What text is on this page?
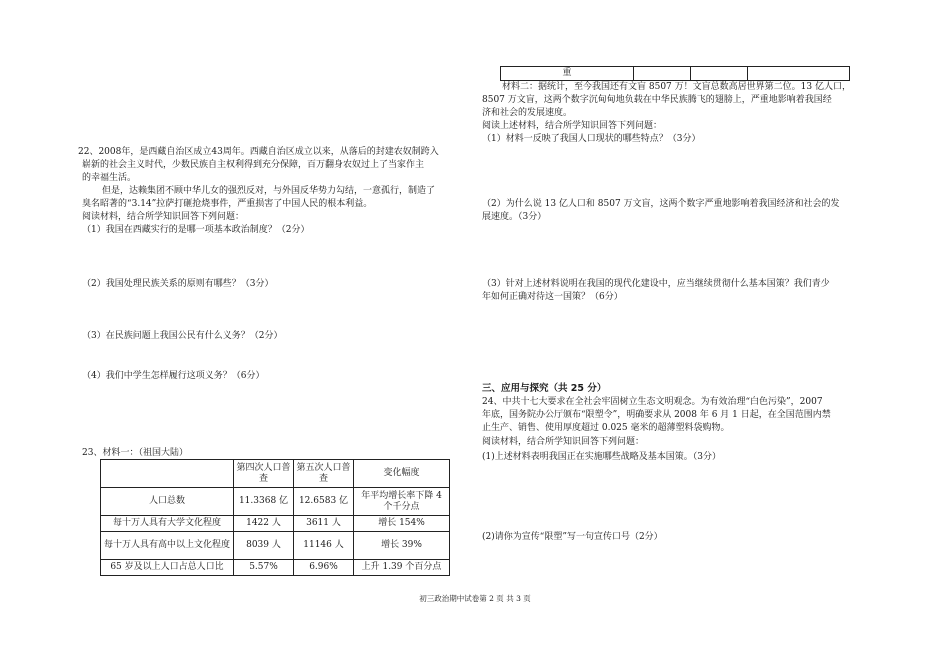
22、2008年，是西藏自治区成立43周年。西藏自治区成立以来，从落后的封建农奴制跨入
崭新的社会主义时代，少数民族自主权利得到充分保障，百万翻身农奴过上了当家作主
的幸福生活。
但是，达赖集团不顾中华儿女的强烈反对，与外国反华势力勾结，一意孤行，制造了
臭名昭著的“3.14”拉萨打砸抢烧事件，严重损害了中国人民的根本利益。
阅读材料，结合所学知识回答下列问题：
（1）我国在西藏实行的是哪一项基本政治制度？（2分）
（2）我国处理民族关系的原则有哪些？（3分）
（3）在民族问题上我国公民有什么义务？（2分）
（4）我们中学生怎样履行这项义务？（6分）
23、材料一：（祖国大陆）
	第四次人口普查	第五次人口普查	变化幅度
人口总数	11.3368 亿	12.6583 亿	年平均增长率下降 4 个千分点
每十万人具有大学文化程度	1422 人	3611 人	增长 154%
每十万人具有高中以上文化程度	8039 人	11146 人	增长 39%
65 岁及以上人口占总人口比	5.57%	6.96%	上升 1.39 个百分点
重			
材料二：据统计，至今我国还有文盲 8507 万！文盲总数高居世界第二位。13 亿人口，
8507 万文盲，这两个数字沉甸甸地负载在中华民族腾飞的翅膀上，严重地影响着我国经
济和社会的发展速度。
阅读上述材料，结合所学知识回答下列问题：
（1）材料一反映了我国人口现状的哪些特点？（3分）
（2）为什么说 13 亿人口和 8507 万文盲，这两个数字严重地影响着我国经济和社会的发
展速度。（3分）
（3）针对上述材料说明在我国的现代化建设中，应当继续贯彻什么基本国策？我们青少
年如何正确对待这一国策？（6分）
三、应用与探究（共 25 分）
24、中共十七大要求在全社会牢固树立生态文明观念。为有效治理“白色污染”，2007
年底，国务院办公厅颁布“限塑令”，明确要求从 2008 年 6 月 1 日起，在全国范围内禁
止生产、销售、使用厚度超过 0.025 毫米的超薄塑料袋购物。
阅读材料，结合所学知识回答下列问题：
(1)上述材料表明我国正在实施哪些战略及基本国策。（3分）
(2)请你为宣传“限塑”写一句宣传口号（2分）
初三政治期中试卷第 2 页 共 3 页
